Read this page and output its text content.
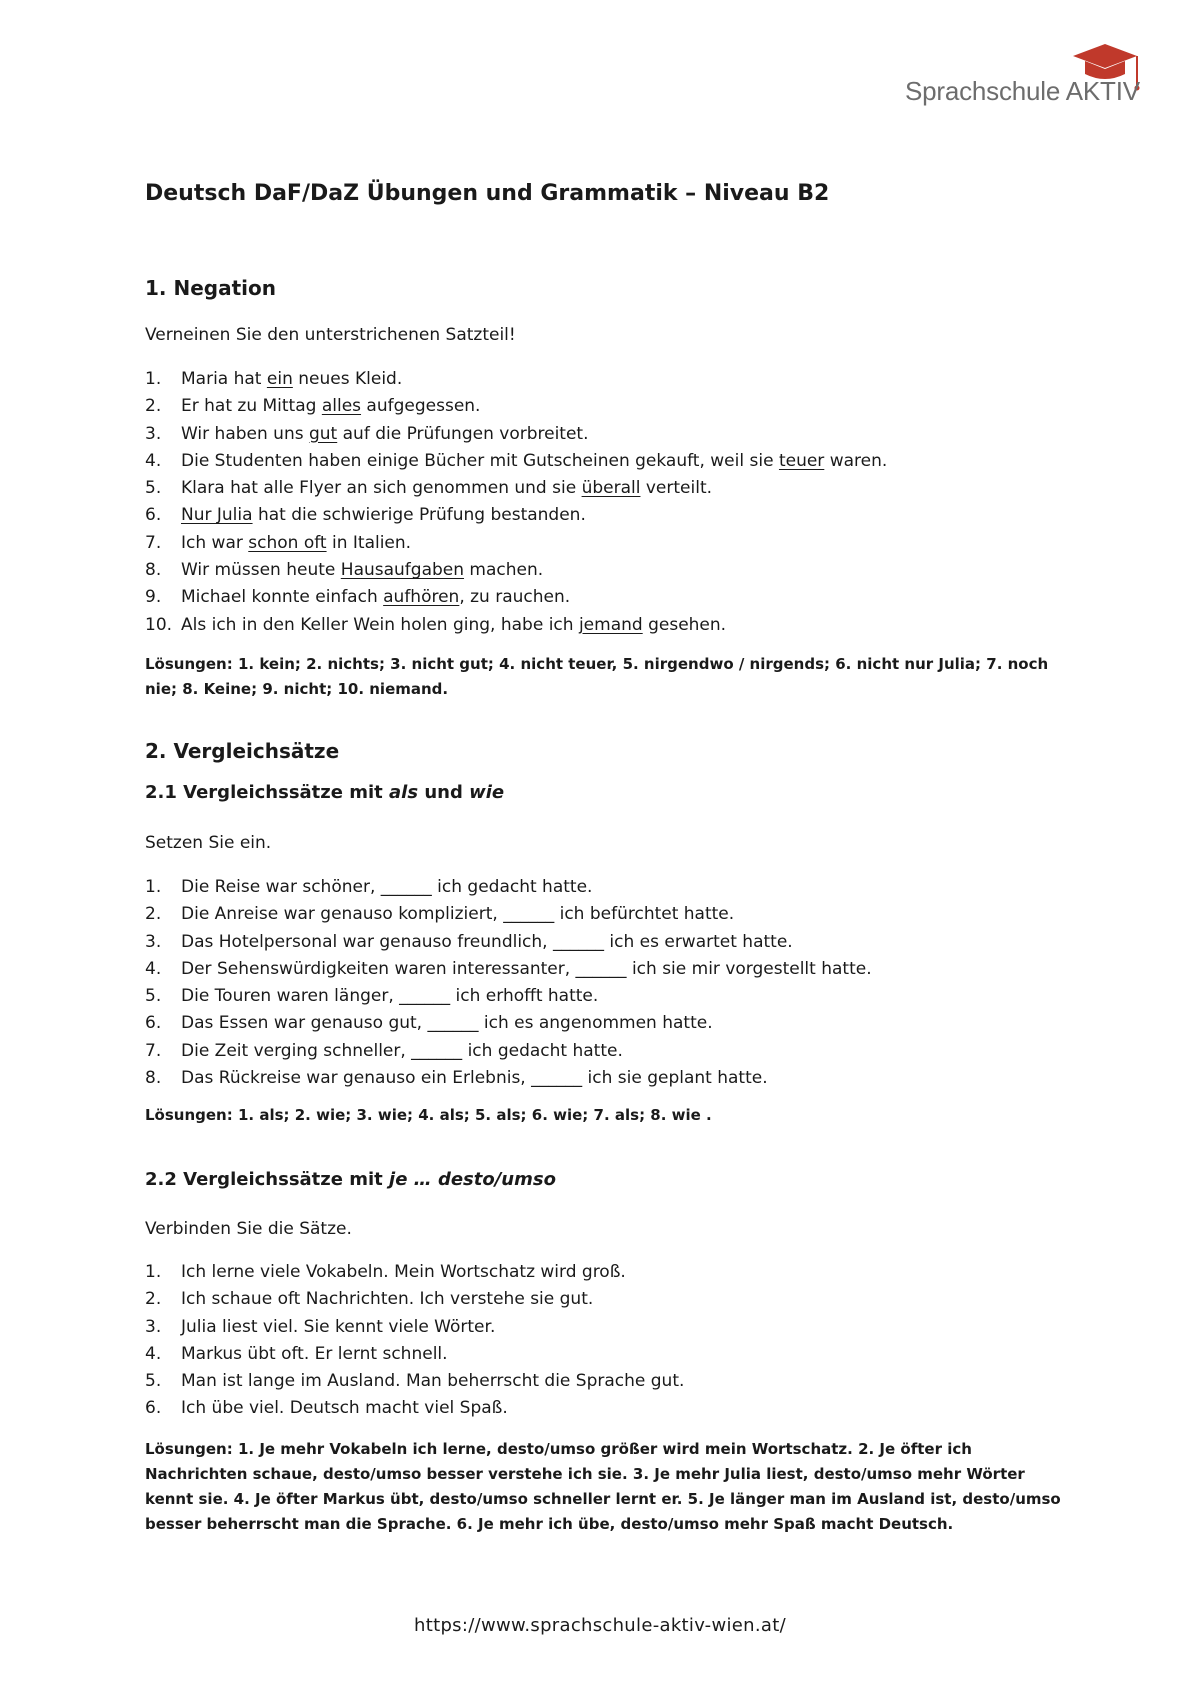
Sprachschule AKTIV
Deutsch DaF/DaZ Übungen und Grammatik – Niveau B2
1. Negation

Verneinen Sie den unterstrichenen Satzteil!

1. Maria hat ein neues Kleid.
2. Er hat zu Mittag alles aufgegessen.
3. Wir haben uns gut auf die Prüfungen vorbreitet.
4. Die Studenten haben einige Bücher mit Gutscheinen gekauft, weil sie teuer waren.
5. Klara hat alle Flyer an sich genommen und sie überall verteilt.
6. Nur Julia hat die schwierige Prüfung bestanden.
7. Ich war schon oft in Italien.
8. Wir müssen heute Hausaufgaben machen.
9. Michael konnte einfach aufhören, zu rauchen.
10. Als ich in den Keller Wein holen ging, habe ich jemand gesehen.

Lösungen: 1. kein; 2. nichts; 3. nicht gut; 4. nicht teuer, 5. nirgendwo / nirgends; 6. nicht nur Julia; 7. noch nie; 8. Keine; 9. nicht; 10. niemand.

2. Vergleichsätze
2.1 Vergleichssätze mit als und wie

Setzen Sie ein.

1. Die Reise war schöner, ______ ich gedacht hatte.
2. Die Anreise war genauso kompliziert, ______ ich befürchtet hatte.
3. Das Hotelpersonal war genauso freundlich, ______ ich es erwartet hatte.
4. Der Sehenswürdigkeiten waren interessanter, ______ ich sie mir vorgestellt hatte.
5. Die Touren waren länger, ______ ich erhofft hatte.
6. Das Essen war genauso gut, ______ ich es angenommen hatte.
7. Die Zeit verging schneller, ______ ich gedacht hatte.
8. Das Rückreise war genauso ein Erlebnis, ______ ich sie geplant hatte.

Lösungen: 1. als; 2. wie; 3. wie; 4. als; 5. als; 6. wie; 7. als; 8. wie .

2.2 Vergleichssätze mit je … desto/umso

Verbinden Sie die Sätze.

1. Ich lerne viele Vokabeln. Mein Wortschatz wird groß.
2. Ich schaue oft Nachrichten. Ich verstehe sie gut.
3. Julia liest viel. Sie kennt viele Wörter.
4. Markus übt oft. Er lernt schnell.
5. Man ist lange im Ausland. Man beherrscht die Sprache gut.
6. Ich übe viel. Deutsch macht viel Spaß.

Lösungen: 1. Je mehr Vokabeln ich lerne, desto/umso größer wird mein Wortschatz. 2. Je öfter ich Nachrichten schaue, desto/umso besser verstehe ich sie. 3. Je mehr Julia liest, desto/umso mehr Wörter kennt sie. 4. Je öfter Markus übt, desto/umso schneller lernt er. 5. Je länger man im Ausland ist, desto/umso besser beherrscht man die Sprache. 6. Je mehr ich übe, desto/umso mehr Spaß macht Deutsch.

https://www.sprachschule-aktiv-wien.at/
